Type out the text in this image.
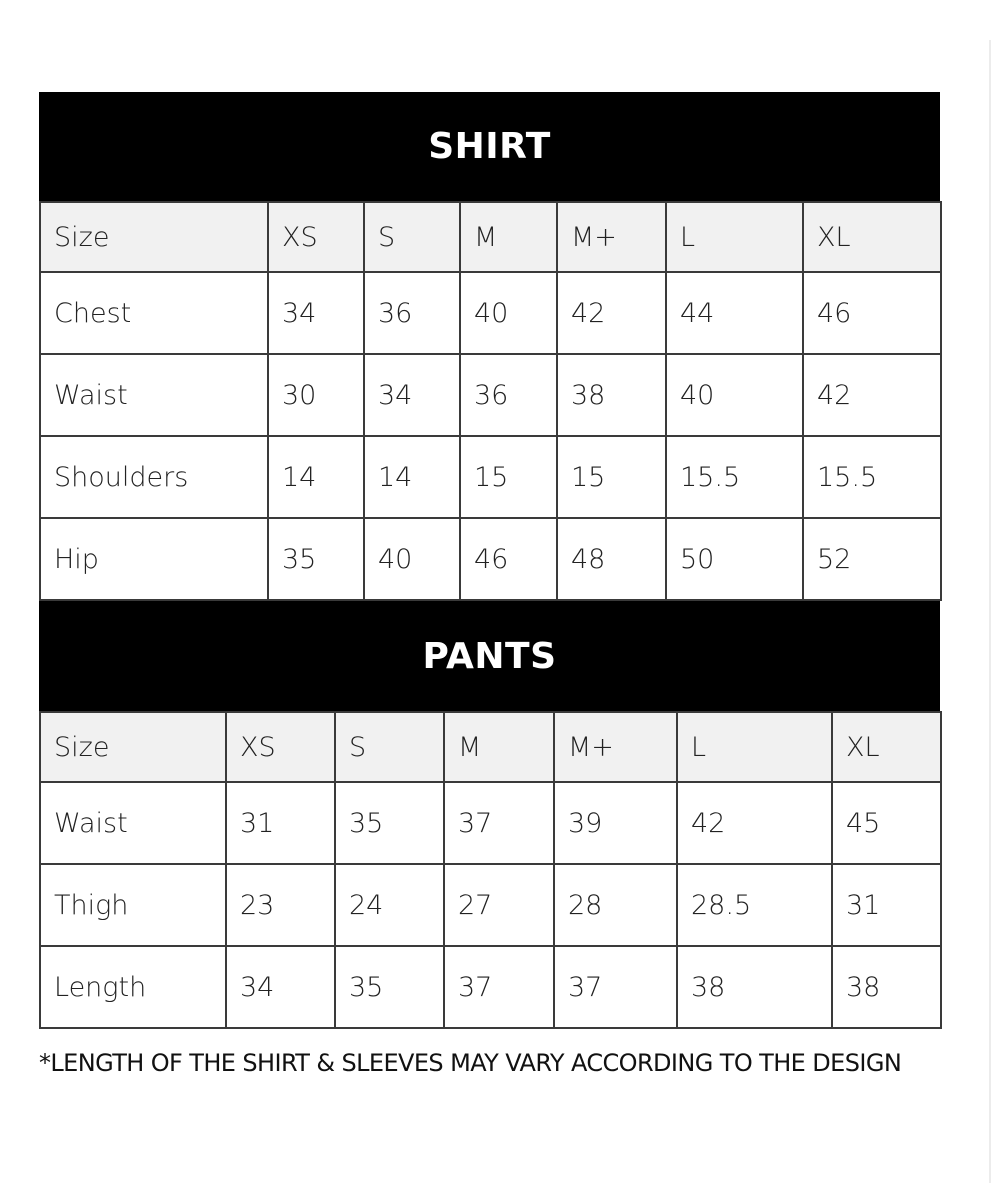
SHIRT
Size	XS	S	M	M+	L	XL
Chest	34	36	40	42	44	46
Waist	30	34	36	38	40	42
Shoulders	14	14	15	15	15.5	15.5
Hip	35	40	46	48	50	52
PANTS
Size	XS	S	M	M+	L	XL
Waist	31	35	37	39	42	45
Thigh	23	24	27	28	28.5	31
Length	34	35	37	37	38	38
*LENGTH OF THE SHIRT & SLEEVES MAY VARY ACCORDING TO THE DESIGN
